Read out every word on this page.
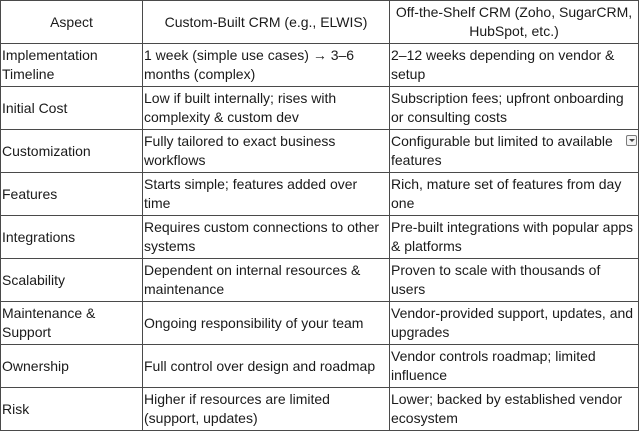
Aspect	Custom-Built CRM (e.g., ELWIS)	Off-the-Shelf CRM (Zoho, SugarCRM, HubSpot, etc.)
Implementation Timeline	1 week (simple use cases) → 3–6 months (complex)	2–12 weeks depending on vendor & setup
Initial Cost	Low if built internally; rises with complexity & custom dev	Subscription fees; upfront onboarding or consulting costs
Customization	Fully tailored to exact business workflows	Configurable but limited to available features

Features	Starts simple; features added over time	Rich, mature set of features from day one
Integrations	Requires custom connections to other systems	Pre-built integrations with popular apps & platforms
Scalability	Dependent on internal resources & maintenance	Proven to scale with thousands of users
Maintenance & Support	Ongoing responsibility of your team	Vendor-provided support, updates, and upgrades
Ownership	Full control over design and roadmap	Vendor controls roadmap; limited influence
Risk	Higher if resources are limited (support, updates)	Lower; backed by established vendor ecosystem
